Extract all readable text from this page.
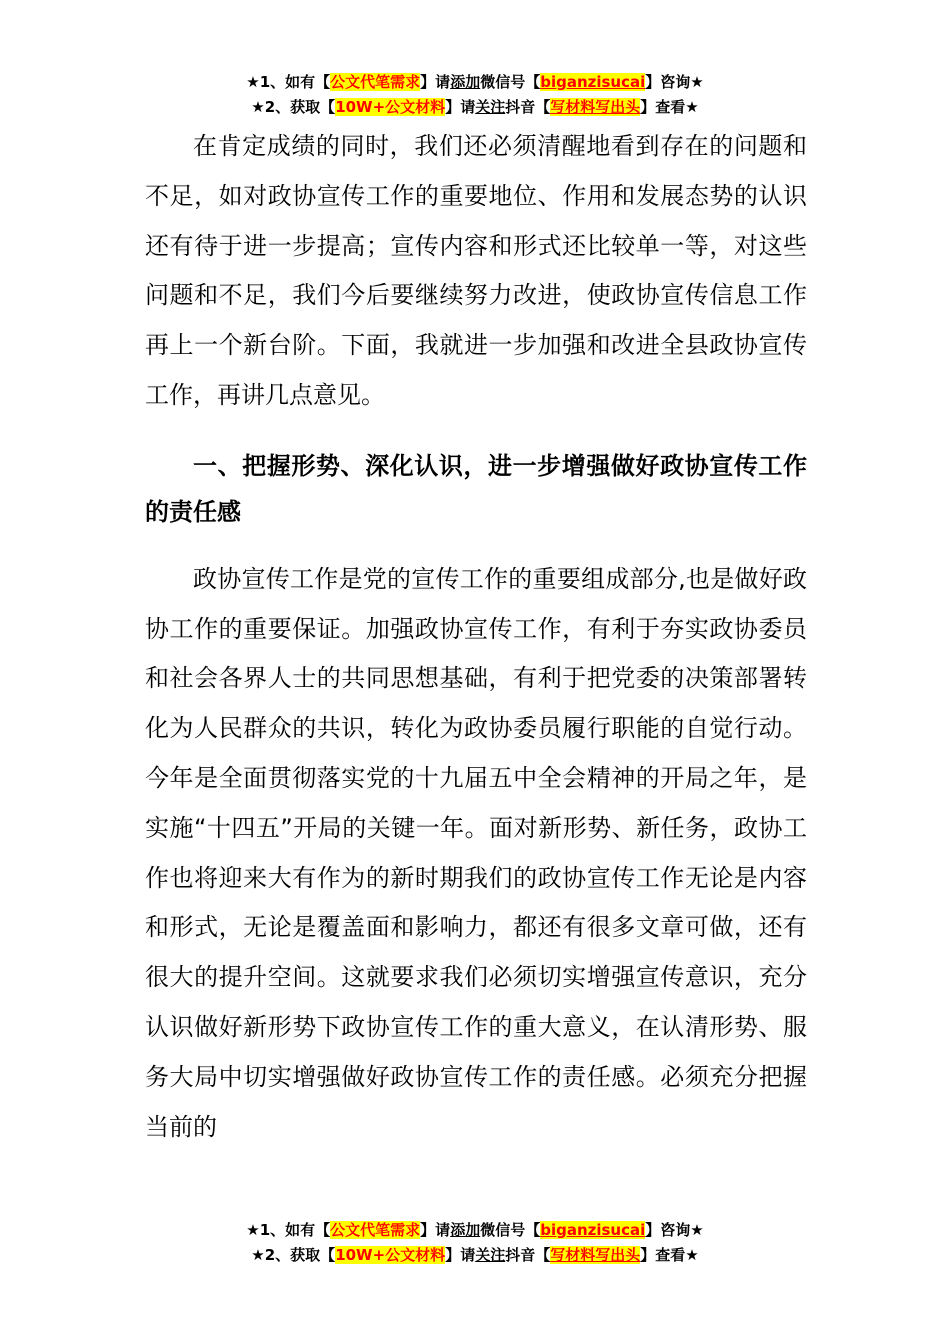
★1、如有【公文代笔需求】请添加微信号【biganzisucai】咨询★
★2、获取【10W+公文材料】请关注抖音【写材料写出头】查看★

在肯定成绩的同时，我们还必须清醒地看到存在的问题和不足，如对政协宣传工作的重要地位、作用和发展态势的认识还有待于进一步提高；宣传内容和形式还比较单一等，对这些问题和不足，我们今后要继续努力改进，使政协宣传信息工作再上一个新台阶。下面，我就进一步加强和改进全县政协宣传工作，再讲几点意见。

一、把握形势、深化认识，进一步增强做好政协宣传工作的责任感

政协宣传工作是党的宣传工作的重要组成部分,也是做好政协工作的重要保证。加强政协宣传工作，有利于夯实政协委员和社会各界人士的共同思想基础，有利于把党委的决策部署转化为人民群众的共识，转化为政协委员履行职能的自觉行动。今年是全面贯彻落实党的十九届五中全会精神的开局之年，是实施“十四五”开局的关键一年。面对新形势、新任务，政协工作也将迎来大有作为的新时期我们的政协宣传工作无论是内容和形式，无论是覆盖面和影响力，都还有很多文章可做，还有很大的提升空间。这就要求我们必须切实增强宣传意识，充分认识做好新形势下政协宣传工作的重大意义，在认清形势、服务大局中切实增强做好政协宣传工作的责任感。必须充分把握当前的

★1、如有【公文代笔需求】请添加微信号【biganzisucai】咨询★
★2、获取【10W+公文材料】请关注抖音【写材料写出头】查看★
